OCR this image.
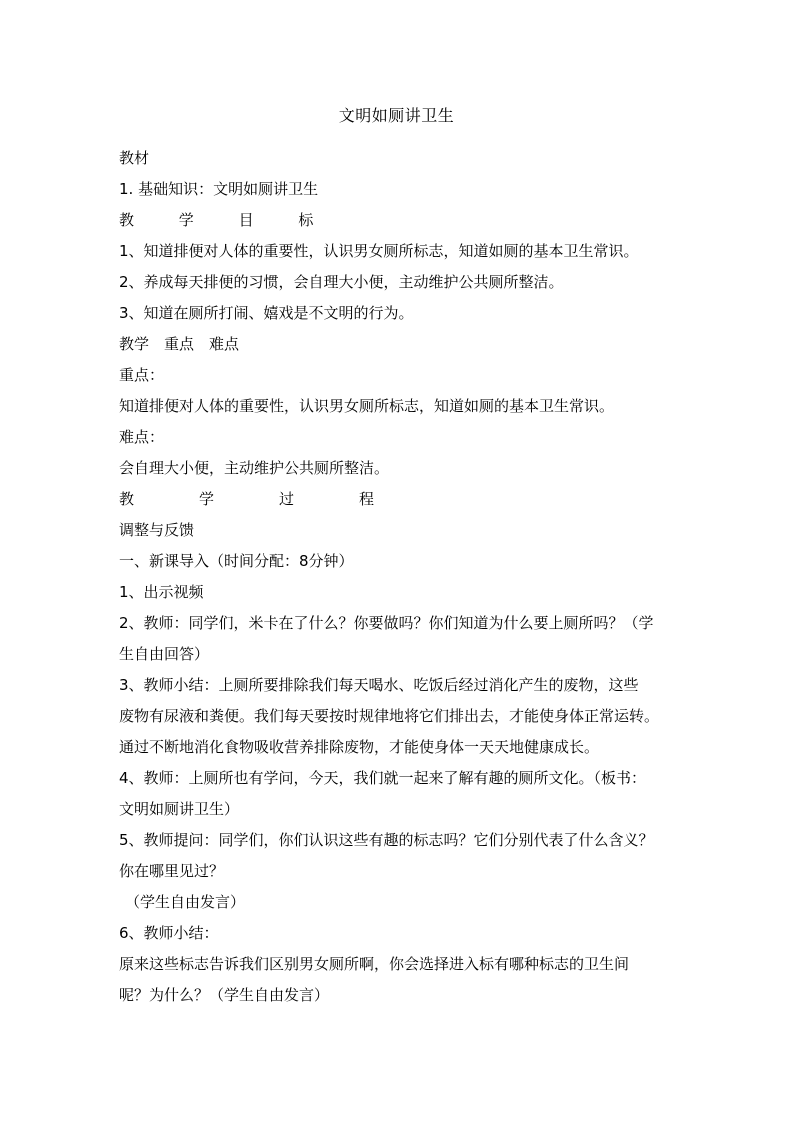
文明如厕讲卫生
教材
1. 基础知识：文明如厕讲卫生
教 学 目 标
1、知道排便对人体的重要性，认识男女厕所标志，知道如厕的基本卫生常识。
2、养成每天排便的习惯，会自理大小便，主动维护公共厕所整洁。
3、知道在厕所打闹、嬉戏是不文明的行为。
教学　重点　难点
重点：
知道排便对人体的重要性，认识男女厕所标志，知道如厕的基本卫生常识。
难点：
会自理大小便，主动维护公共厕所整洁。
教	学	过	程
调整与反馈
一、新课导入（时间分配：8分钟）
1、出示视频
2、教师：同学们，米卡在了什么？你要做吗？你们知道为什么要上厕所吗？（学
生自由回答）
3、教师小结：上厕所要排除我们每天喝水、吃饭后经过消化产生的废物，这些
废物有尿液和粪便。我们每天要按时规律地将它们排出去，才能使身体正常运转。
通过不断地消化食物吸收营养排除废物，才能使身体一天天地健康成长。
4、教师：上厕所也有学问，今天，我们就一起来了解有趣的厕所文化。（板书：
文明如厕讲卫生）
5、教师提问：同学们，你们认识这些有趣的标志吗？它们分别代表了什么含义？
你在哪里见过？
（学生自由发言）
6、教师小结：
原来这些标志告诉我们区别男女厕所啊，你会选择进入标有哪种标志的卫生间
呢？为什么？（学生自由发言）
